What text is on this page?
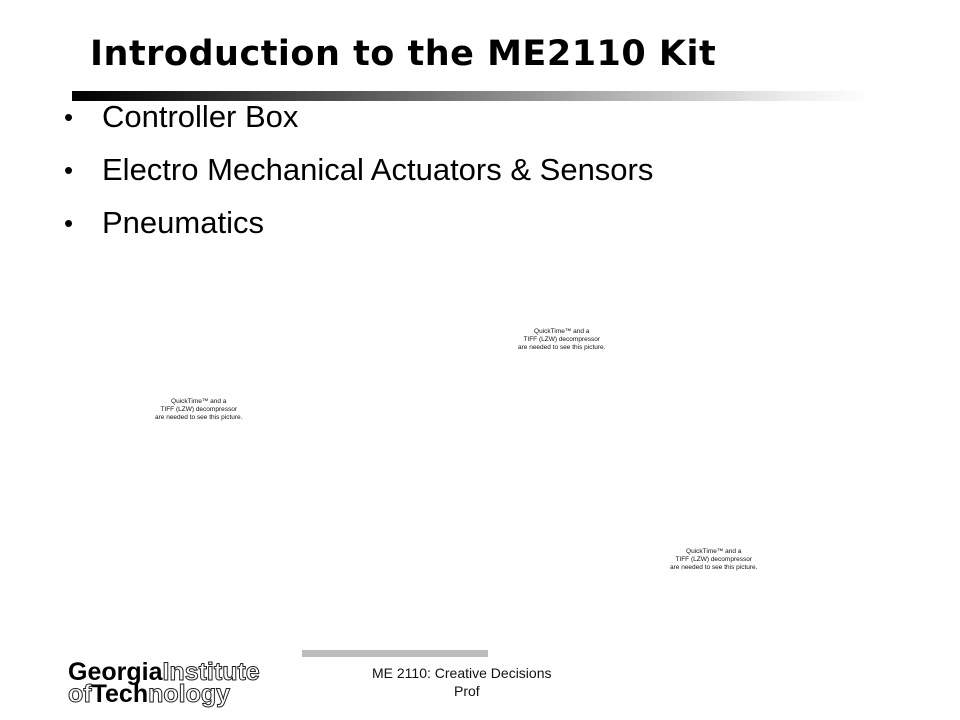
Introduction to the ME2110 Kit
• Controller Box
• Electro Mechanical Actuators & Sensors
• Pneumatics
QuickTime™ and a
TIFF (LZW) decompressor
are needed to see this picture.
QuickTime™ and a
TIFF (LZW) decompressor
are needed to see this picture.
QuickTime™ and a
TIFF (LZW) decompressor
are needed to see this picture.
ME 2110: Creative Decisions
Prof
GeorgiaInstitute
ofTechnology
